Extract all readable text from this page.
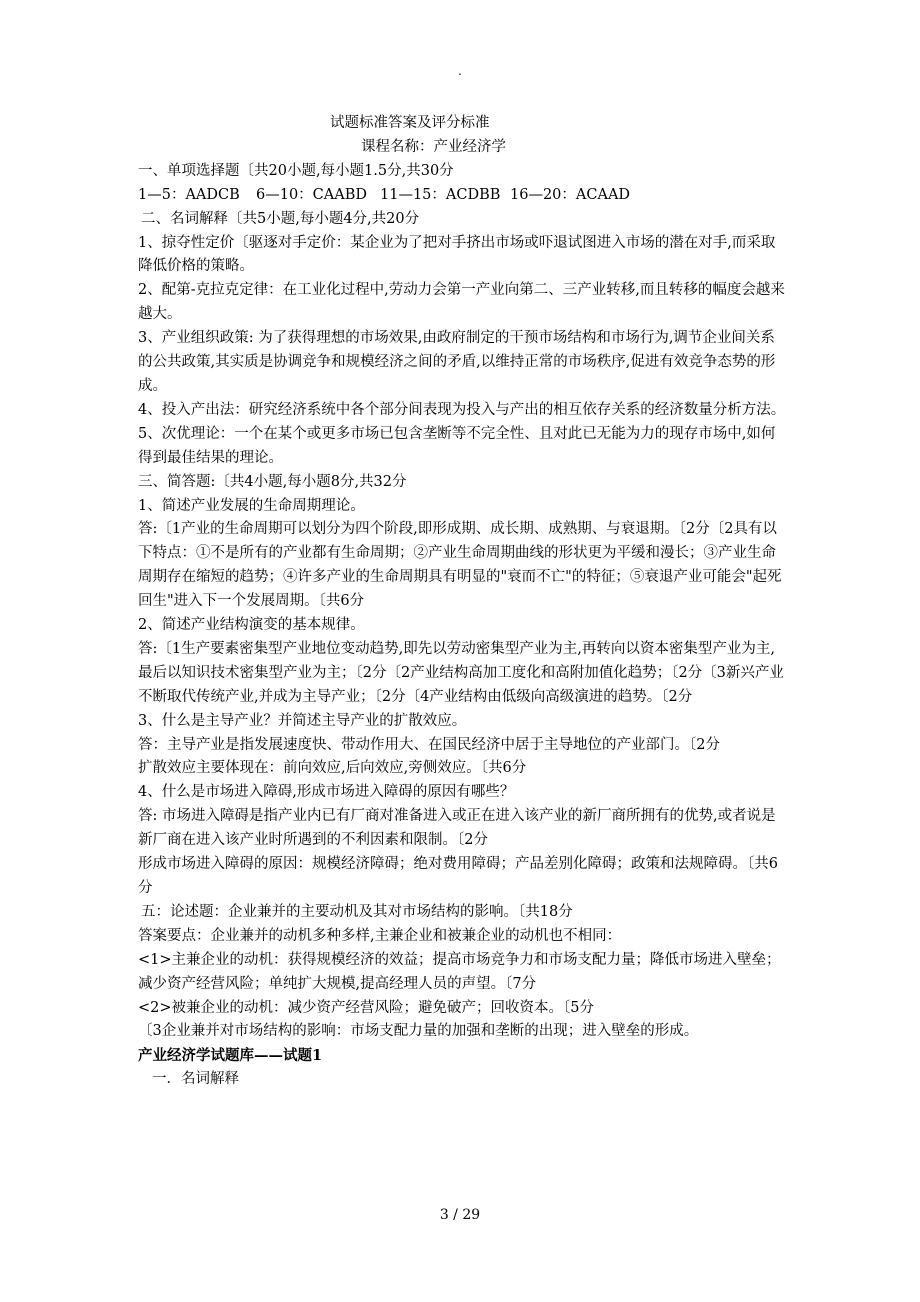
.

试题标准答案及评分标准

课程名称：产业经济学

一、单项选择题〔共20小题,每小题1.5分,共30分

1—5：AADCB 6—10：CAABD 11—15：ACDBB 16—20：ACAAD

二、名词解释〔共5小题,每小题4分,共20分

1、掠夺性定价〔驱逐对手定价：某企业为了把对手挤出市场或吓退试图进入市场的潜在对手,而采取降低价格的策略。

2、配第-克拉克定律：在工业化过程中,劳动力会第一产业向第二、三产业转移,而且转移的幅度会越来越大。

3、产业组织政策: 为了获得理想的市场效果,由政府制定的干预市场结构和市场行为,调节企业间关系的公共政策,其实质是协调竞争和规模经济之间的矛盾,以维持正常的市场秩序,促进有效竞争态势的形成。

4、投入产出法：研究经济系统中各个部分间表现为投入与产出的相互依存关系的经济数量分析方法。

5、次优理论：一个在某个或更多市场已包含垄断等不完全性、且对此已无能为力的现存市场中,如何得到最佳结果的理论。

三、简答题:〔共4小题,每小题8分,共32分

1、简述产业发展的生命周期理论。

答:〔1产业的生命周期可以划分为四个阶段,即形成期、成长期、成熟期、与衰退期。〔2分〔2具有以下特点：①不是所有的产业都有生命周期；②产业生命周期曲线的形状更为平缓和漫长；③产业生命周期存在缩短的趋势；④许多产业的生命周期具有明显的"衰而不亡"的特征；⑤衰退产业可能会"起死回生"进入下一个发展周期。〔共6分

2、简述产业结构演变的基本规律。

答:〔1生产要素密集型产业地位变动趋势,即先以劳动密集型产业为主,再转向以资本密集型产业为主,最后以知识技术密集型产业为主；〔2分〔2产业结构高加工度化和高附加值化趋势；〔2分〔3新兴产业不断取代传统产业,并成为主导产业；〔2分〔4产业结构由低级向高级演进的趋势。〔2分

3、什么是主导产业？并简述主导产业的扩散效应。

答：主导产业是指发展速度快、带动作用大、在国民经济中居于主导地位的产业部门。〔2分

扩散效应主要体现在：前向效应,后向效应,旁侧效应。〔共6分

4、什么是市场进入障碍,形成市场进入障碍的原因有哪些？

答: 市场进入障碍是指产业内已有厂商对准备进入或正在进入该产业的新厂商所拥有的优势,或者说是新厂商在进入该产业时所遇到的不利因素和限制。〔2分

形成市场进入障碍的原因：规模经济障碍；绝对费用障碍；产品差别化障碍；政策和法规障碍。〔共6分

五：论述题：企业兼并的主要动机及其对市场结构的影响。〔共18分

答案要点：企业兼并的动机多种多样,主兼企业和被兼企业的动机也不相同：

<1>主兼企业的动机：获得规模经济的效益；提高市场竞争力和市场支配力量；降低市场进入壁垒；减少资产经营风险；单纯扩大规模,提高经理人员的声望。〔7分

<2>被兼企业的动机：减少资产经营风险；避免破产；回收资本。〔5分

〔3企业兼并对市场结构的影响：市场支配力量的加强和垄断的出现；进入壁垒的形成。

产业经济学试题库——试题1

一．名词解释

3 / 29
